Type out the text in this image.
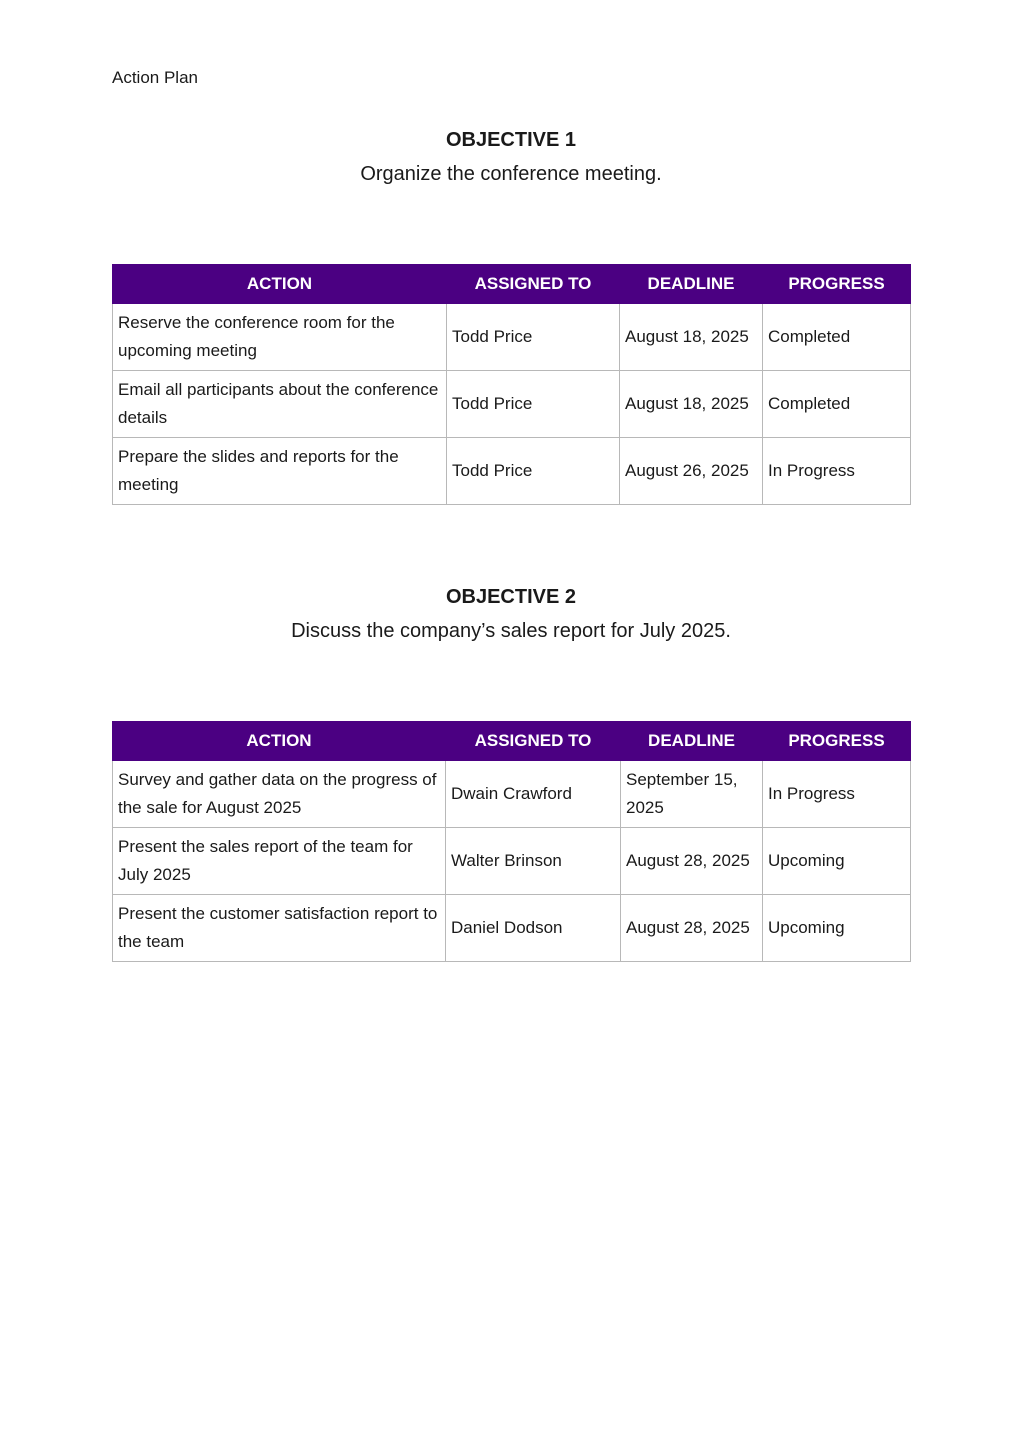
Action Plan
OBJECTIVE 1
Organize the conference meeting.
ACTION	ASSIGNED TO	DEADLINE	PROGRESS
Reserve the conference room for the upcoming meeting	Todd Price	August 18, 2025	Completed
Email all participants about the conference details	Todd Price	August 18, 2025	Completed
Prepare the slides and reports for the meeting	Todd Price	August 26, 2025	In Progress
OBJECTIVE 2
Discuss the company’s sales report for July 2025.
ACTION	ASSIGNED TO	DEADLINE	PROGRESS
Survey and gather data on the progress of the sale for August 2025	Dwain Crawford	September 15, 2025	In Progress
Present the sales report of the team for July 2025	Walter Brinson	August 28, 2025	Upcoming
Present the customer satisfaction report to the team	Daniel Dodson	August 28, 2025	Upcoming
